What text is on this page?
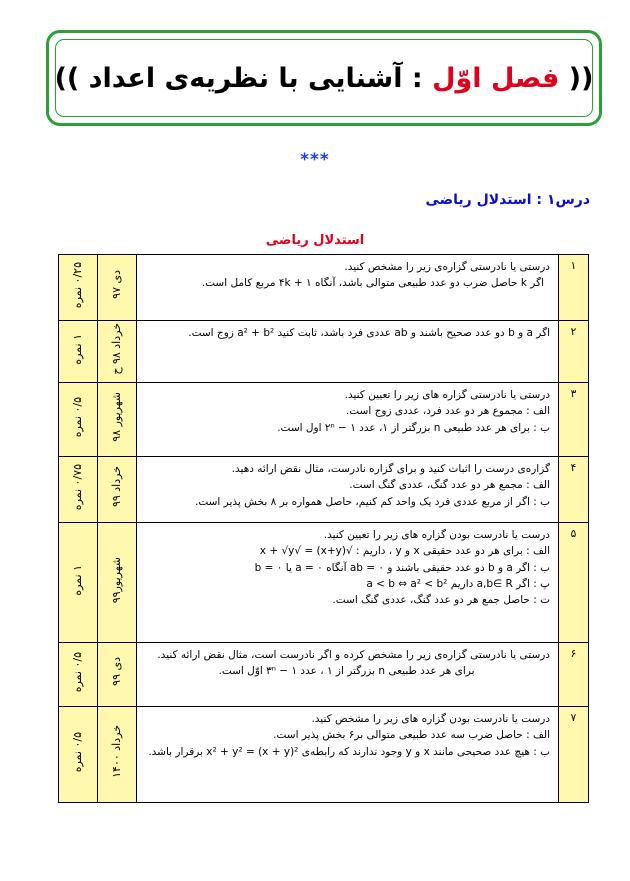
(( فصل اوّل : آشنایی با نظریه‌ی اعداد ))
***
درس۱ : استدلال ریاضی
استدلال ریاضی
۱	درستی یا نادرستی گزاره‌ی زیر را مشخص کنید.
اگر k حاصل ضرب دو عدد طبیعی متوالی باشد، آنگاه ۴k + ۱ مربع کامل است.	دی ۹۷	۰/۲۵ نمره
۲	اگر a و b دو عدد صحیح باشند و ab عددی فرد باشد، ثابت کنید a² + b² زوج است.	خرداد ۹۸ خ	۱ نمره
۳	درستی یا نادرستی گزاره های زیر را تعیین کنید.
الف : مجموع هر دو عدد فرد، عددی زوج است.
ب : برای هر عدد طبیعی n بزرگتر از ۱، عدد ۱ − ۲ⁿ اول است.	شهریور ۹۸	۰/۵ نمره
۴	گزاره‌ی درست را اثبات کنید و برای گزاره نادرست، مثال نقض ارائه دهید.
الف : مجمع هر دو عدد گنگ، عددی گنگ است.
ب : اگر از مربع عددی فرد یک واحد کم کنیم، حاصل همواره بر ۸ بخش پذیر است.	خرداد ۹۹	۰/۷۵ نمره
۵	درست یا نادرست بودن گزاره های زیر را تعیین کنید.
الف : برای هر دو عدد حقیقی x و y ، داریم : √(x+y) = √x + √y
ب : اگر a و b دو عدد حقیقی باشند و ab = ۰ آنگاه a = ۰ یا b = ۰
پ : اگر a,b∈ R داریم a < b ⇔ a² < b²
ت : حاصل جمع هر دو عدد گنگ، عددی گنگ است.	شهریور۹۹	۱ نمره
۶	درستی یا نادرستی گزاره‌ی زیر را مشخص کرده و اگر نادرست است، مثال نقض ارائه کنید.
برای هر عدد طبیعی n بزرگتر از ۱ ، عدد ۱ − ۳ⁿ اوّل است.	دی ۹۹	۰/۵ نمره
۷	درست یا نادرست بودن گزاره های زیر را مشخص کنید.
الف : حاصل ضرب سه عدد طبیعی متوالی بر۶ بخش پذیر است.
ب : هیچ عدد صحیحی مانند x و y وجود ندارند که رابطه‌ی x² + y² = (x + y)² برقرار باشد.	خرداد ۱۴۰۰	۰/۵ نمره
